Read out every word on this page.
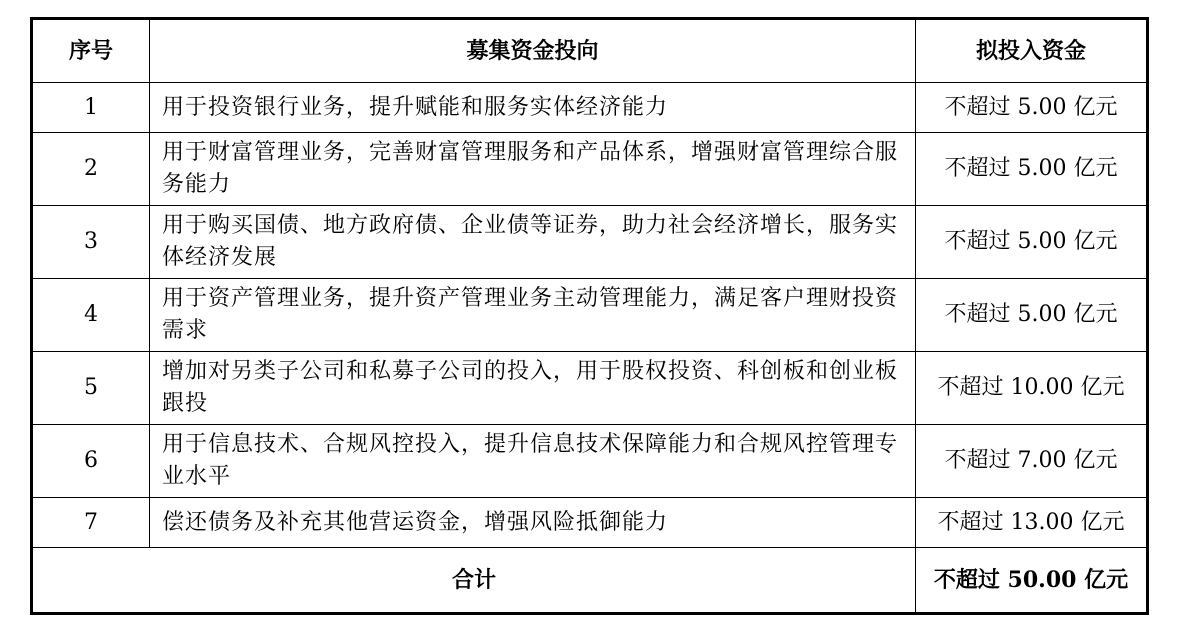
序号	募集资金投向	拟投入资金
1	用于投资银行业务，提升赋能和服务实体经济能力	不超过 5.00 亿元
2	用于财富管理业务，完善财富管理服务和产品体系，增强财富管理综合服务能力	不超过 5.00 亿元
3	用于购买国债、地方政府债、企业债等证券，助力社会经济增长，服务实体经济发展	不超过 5.00 亿元
4	用于资产管理业务，提升资产管理业务主动管理能力，满足客户理财投资需求	不超过 5.00 亿元
5	增加对另类子公司和私募子公司的投入，用于股权投资、科创板和创业板跟投	不超过 10.00 亿元
6	用于信息技术、合规风控投入，提升信息技术保障能力和合规风控管理专业水平	不超过 7.00 亿元
7	偿还债务及补充其他营运资金，增强风险抵御能力	不超过 13.00 亿元
合计		不超过 50.00 亿元
